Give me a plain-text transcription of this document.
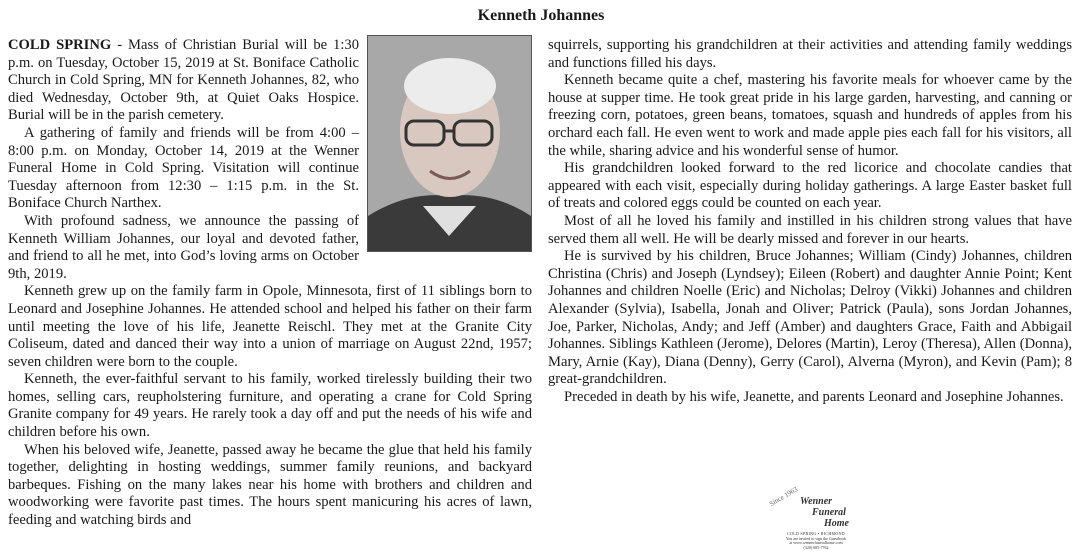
Kenneth Johannes

COLD SPRING - Mass of Christian Burial will be 1:30 p.m. on Tuesday, October 15, 2019 at St. Boniface Catholic Church in Cold Spring, MN for Kenneth Johannes, 82, who died Wednesday, October 9th, at Quiet Oaks Hospice. Burial will be in the parish cemetery.

A gathering of family and friends will be from 4:00 – 8:00 p.m. on Monday, October 14, 2019 at the Wenner Funeral Home in Cold Spring. Visitation will continue Tuesday afternoon from 12:30 – 1:15 p.m. in the St. Boniface Church Narthex.

With profound sadness, we announce the passing of Kenneth William Johannes, our loyal and devoted father, and friend to all he met, into God’s loving arms on October 9th, 2019.

Kenneth grew up on the family farm in Opole, Minnesota, first of 11 siblings born to Leonard and Josephine Johannes. He attended school and helped his father on their farm until meeting the love of his life, Jeanette Reischl. They met at the Granite City Coliseum, dated and danced their way into a union of marriage on August 22nd, 1957; seven children were born to the couple.

Kenneth, the ever-faithful servant to his family, worked tirelessly building their two homes, selling cars, reupholstering furniture, and operating a crane for Cold Spring Granite company for 49 years. He rarely took a day off and put the needs of his wife and children before his own.

When his beloved wife, Jeanette, passed away he became the glue that held his family together, delighting in hosting weddings, summer family reunions, and backyard barbeques. Fishing on the many lakes near his home with brothers and children and woodworking were favorite past times. The hours spent manicuring his acres of lawn, feeding and watching birds and

squirrels, supporting his grandchildren at their activities and attending family weddings and functions filled his days.

Kenneth became quite a chef, mastering his favorite meals for whoever came by the house at supper time. He took great pride in his large garden, harvesting, and canning or freezing corn, potatoes, green beans, tomatoes, squash and hundreds of apples from his orchard each fall. He even went to work and made apple pies each fall for his visitors, all the while, sharing advice and his wonderful sense of humor.

His grandchildren looked forward to the red licorice and chocolate candies that appeared with each visit, especially during holiday gatherings. A large Easter basket full of treats and colored eggs could be counted on each year.

Most of all he loved his family and instilled in his children strong values that have served them all well. He will be dearly missed and forever in our hearts.

He is survived by his children, Bruce Johannes; William (Cindy) Johannes, children Christina (Chris) and Joseph (Lyndsey); Eileen (Robert) and daughter Annie Point; Kent Johannes and children Noelle (Eric) and Nicholas; Delroy (Vikki) Johannes and children Alexander (Sylvia), Isabella, Jonah and Oliver; Patrick (Paula), sons Jordan Johannes, Joe, Parker, Nicholas, Andy; and Jeff (Amber) and daughters Grace, Faith and Abbigail Johannes. Siblings Kathleen (Jerome), Delores (Martin), Leroy (Theresa), Allen (Donna), Mary, Arnie (Kay), Diana (Denny), Gerry (Carol), Alverna (Myron), and Kevin (Pam); 8 great-grandchildren.

Preceded in death by his wife, Jeanette, and parents Leonard and Josephine Johannes.

Since 1963 Wenner
Funeral
Home
COLD SPRING • RICHMOND
You are invited to sign the Guestbook
at www.wennerfuneralhome.com
(320) 685-7762
